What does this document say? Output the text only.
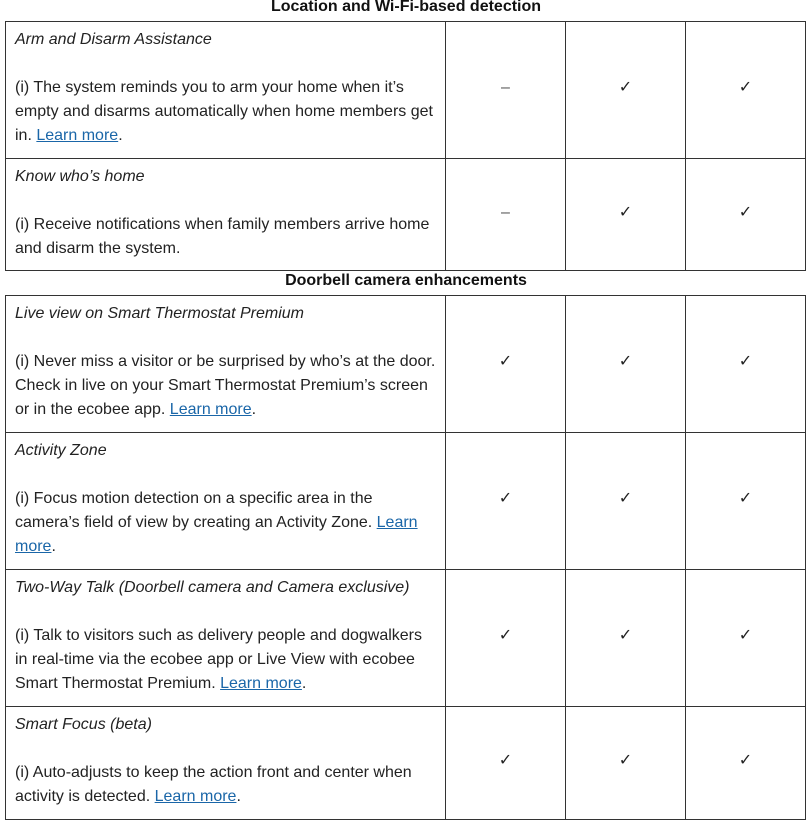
Location and Wi-Fi-based detection
Arm and Disarm Assistance
(i) The system reminds you to arm your home when it’s empty and disarms automatically when home members get in. Learn more.	–	✓	✓

Know who’s home
(i) Receive notifications when family members arrive home and disarm the system.	–	✓	✓
Doorbell camera enhancements
Live view on Smart Thermostat Premium
(i) Never miss a visitor or be surprised by who’s at the door. Check in live on your Smart Thermostat Premium’s screen or in the ecobee app. Learn more.	✓	✓	✓

Activity Zone
(i) Focus motion detection on a specific area in the camera’s field of view by creating an Activity Zone. Learn more.	✓	✓	✓

Two-Way Talk (Doorbell camera and Camera exclusive)
(i) Talk to visitors such as delivery people and dogwalkers in real-time via the ecobee app or Live View with ecobee Smart Thermostat Premium. Learn more.	✓	✓	✓

Smart Focus (beta)
(i) Auto-adjusts to keep the action front and center when activity is detected. Learn more.	✓	✓	✓
